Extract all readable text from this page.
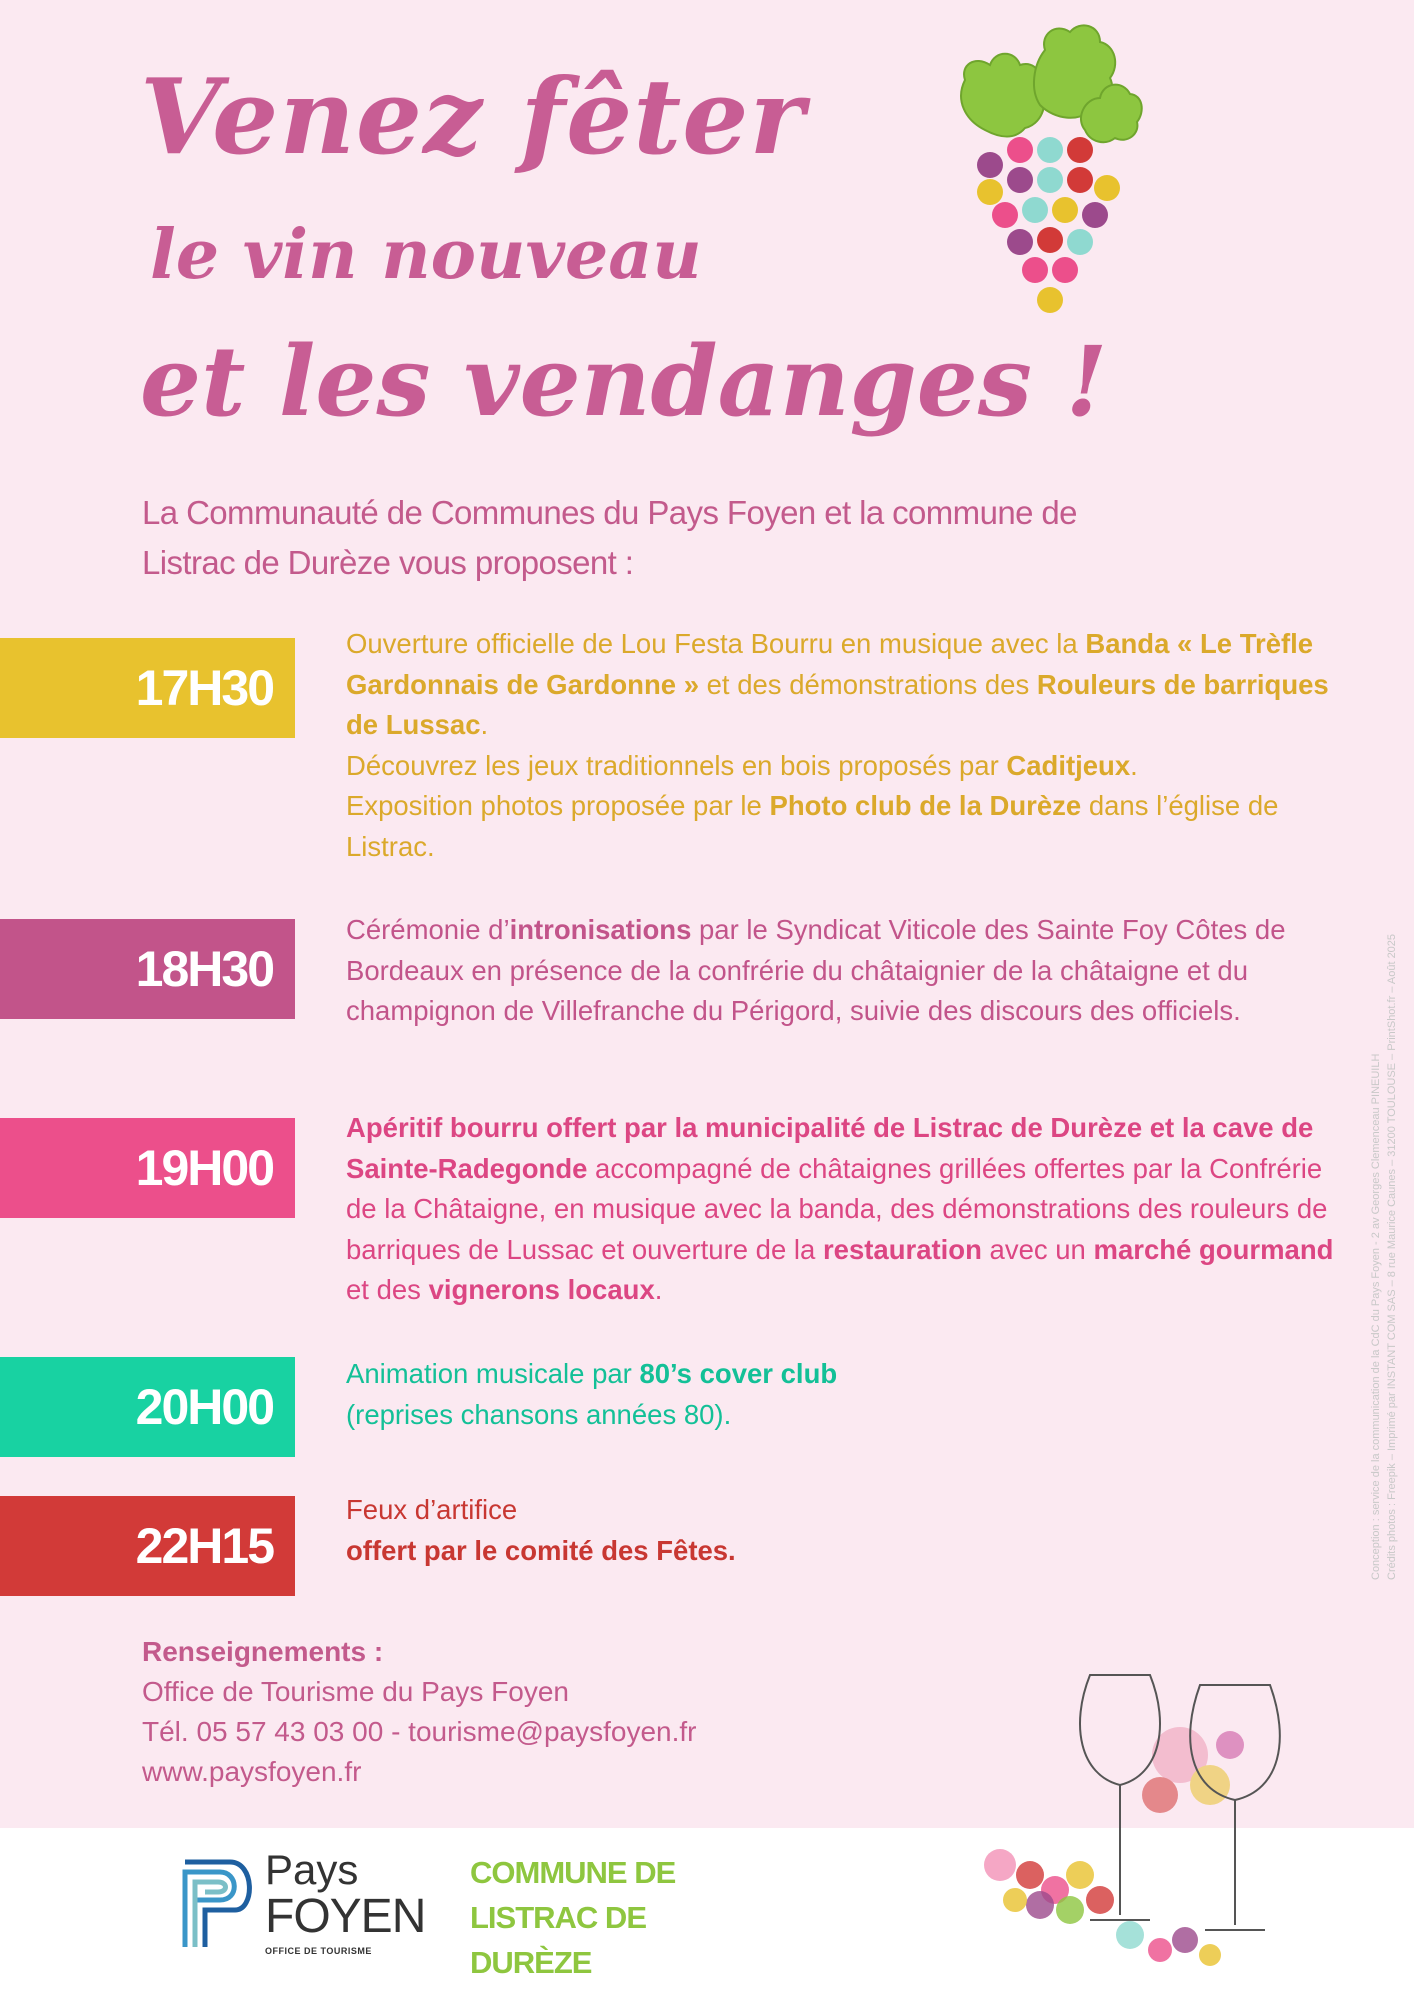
Venez fêter
le vin nouveau
et les vendanges !

La Communauté de Communes du Pays Foyen et la commune de
Listrac de Durèze vous proposent :

17H30

Ouverture officielle de Lou Festa Bourru en musique avec la Banda « Le Trèfle Gardonnais de Gardonne » et des démonstrations des Rouleurs de barriques de Lussac.
Découvrez les jeux traditionnels en bois proposés par Caditjeux.
Exposition photos proposée par le Photo club de la Durèze dans l’église de Listrac.

18H30

Cérémonie d’intronisations par le Syndicat Viticole des Sainte Foy Côtes de Bordeaux en présence de la confrérie du châtaignier de la châtaigne et du champignon de Villefranche du Périgord, suivie des discours des officiels.

19H00

Apéritif bourru offert par la municipalité de Listrac de Durèze et la cave de Sainte-Radegonde accompagné de châtaignes grillées offertes par la Confrérie de la Châtaigne, en musique avec la banda, des démonstrations des rouleurs de barriques de Lussac et ouverture de la restauration avec un marché gourmand et des vignerons locaux.

20H00

Animation musicale par 80’s cover club
(reprises chansons années 80).

22H15

Feux d’artifice
offert par le comité des Fêtes.

Renseignements :
Office de Tourisme du Pays Foyen
Tél. 05 57 43 03 00 - tourisme@paysfoyen.fr
www.paysfoyen.fr
Conception : service de la communication de la CdC du Pays Foyen - 2 av Georges Clemenceau PINEUILH Crédits photos : Freepik – Imprimé par INSTANT COM SAS – 8 rue Maurice Caunes – 31200 TOULOUSE – PrintShot.fr – Août 2025
Pays
FOYEN
OFFICE DE TOURISME
COMMUNE DE
LISTRAC DE
DURÈZE
